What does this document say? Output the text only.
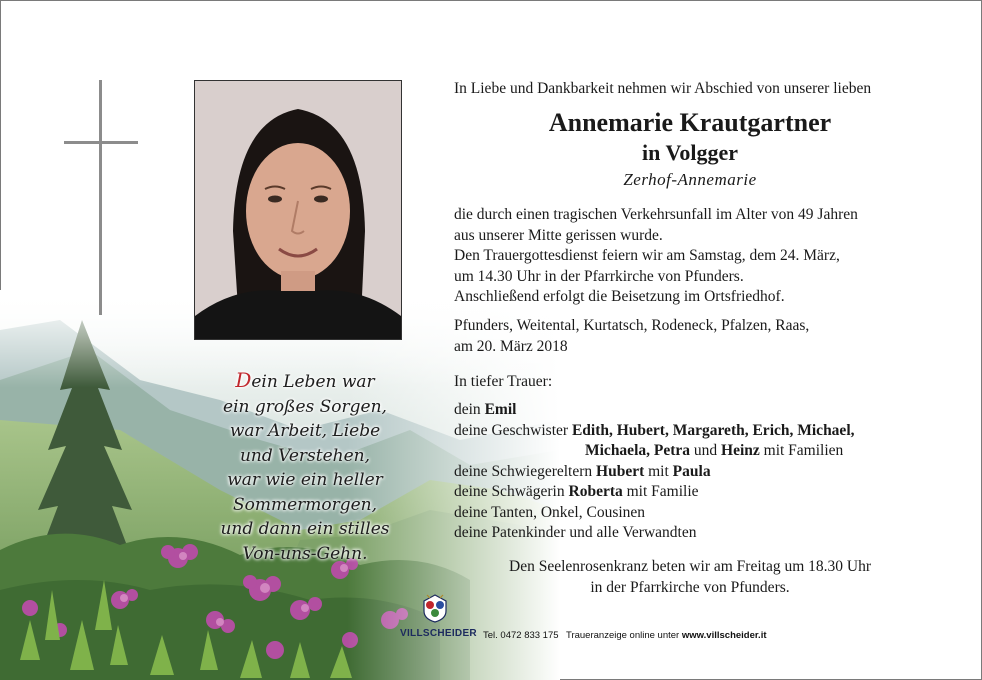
Dein Leben war
ein großes Sorgen,
war Arbeit, Liebe
und Verstehen,
war wie ein heller
Sommermorgen,
und dann ein stilles
Von-uns-Gehn.
In Liebe und Dankbarkeit nehmen wir Abschied von unserer lieben
Annemarie Krautgartner
in Volgger
Zerhof-Annemarie
die durch einen tragischen Verkehrsunfall im Alter von 49 Jahren
aus unserer Mitte gerissen wurde.
Den Trauergottesdienst feiern wir am Samstag, dem 24. März,
um 14.30 Uhr in der Pfarrkirche von Pfunders.
Anschließend erfolgt die Beisetzung im Ortsfriedhof.
Pfunders, Weitental, Kurtatsch, Rodeneck, Pfalzen, Raas,
am 20. März 2018
In tiefer Trauer:
dein Emil
deine Geschwister Edith, Hubert, Margareth, Erich, Michael,
Michaela, Petra und Heinz mit Familien
deine Schwiegereltern Hubert mit Paula
deine Schwägerin Roberta mit Familie
deine Tanten, Onkel, Cousinen
deine Patenkinder und alle Verwandten
Den Seelenrosenkranz beten wir am Freitag um 18.30 Uhr
in der Pfarrkirche von Pfunders.
VILLSCHEIDER Tel. 0472 833 175 Traueranzeige online unter www.villscheider.it
